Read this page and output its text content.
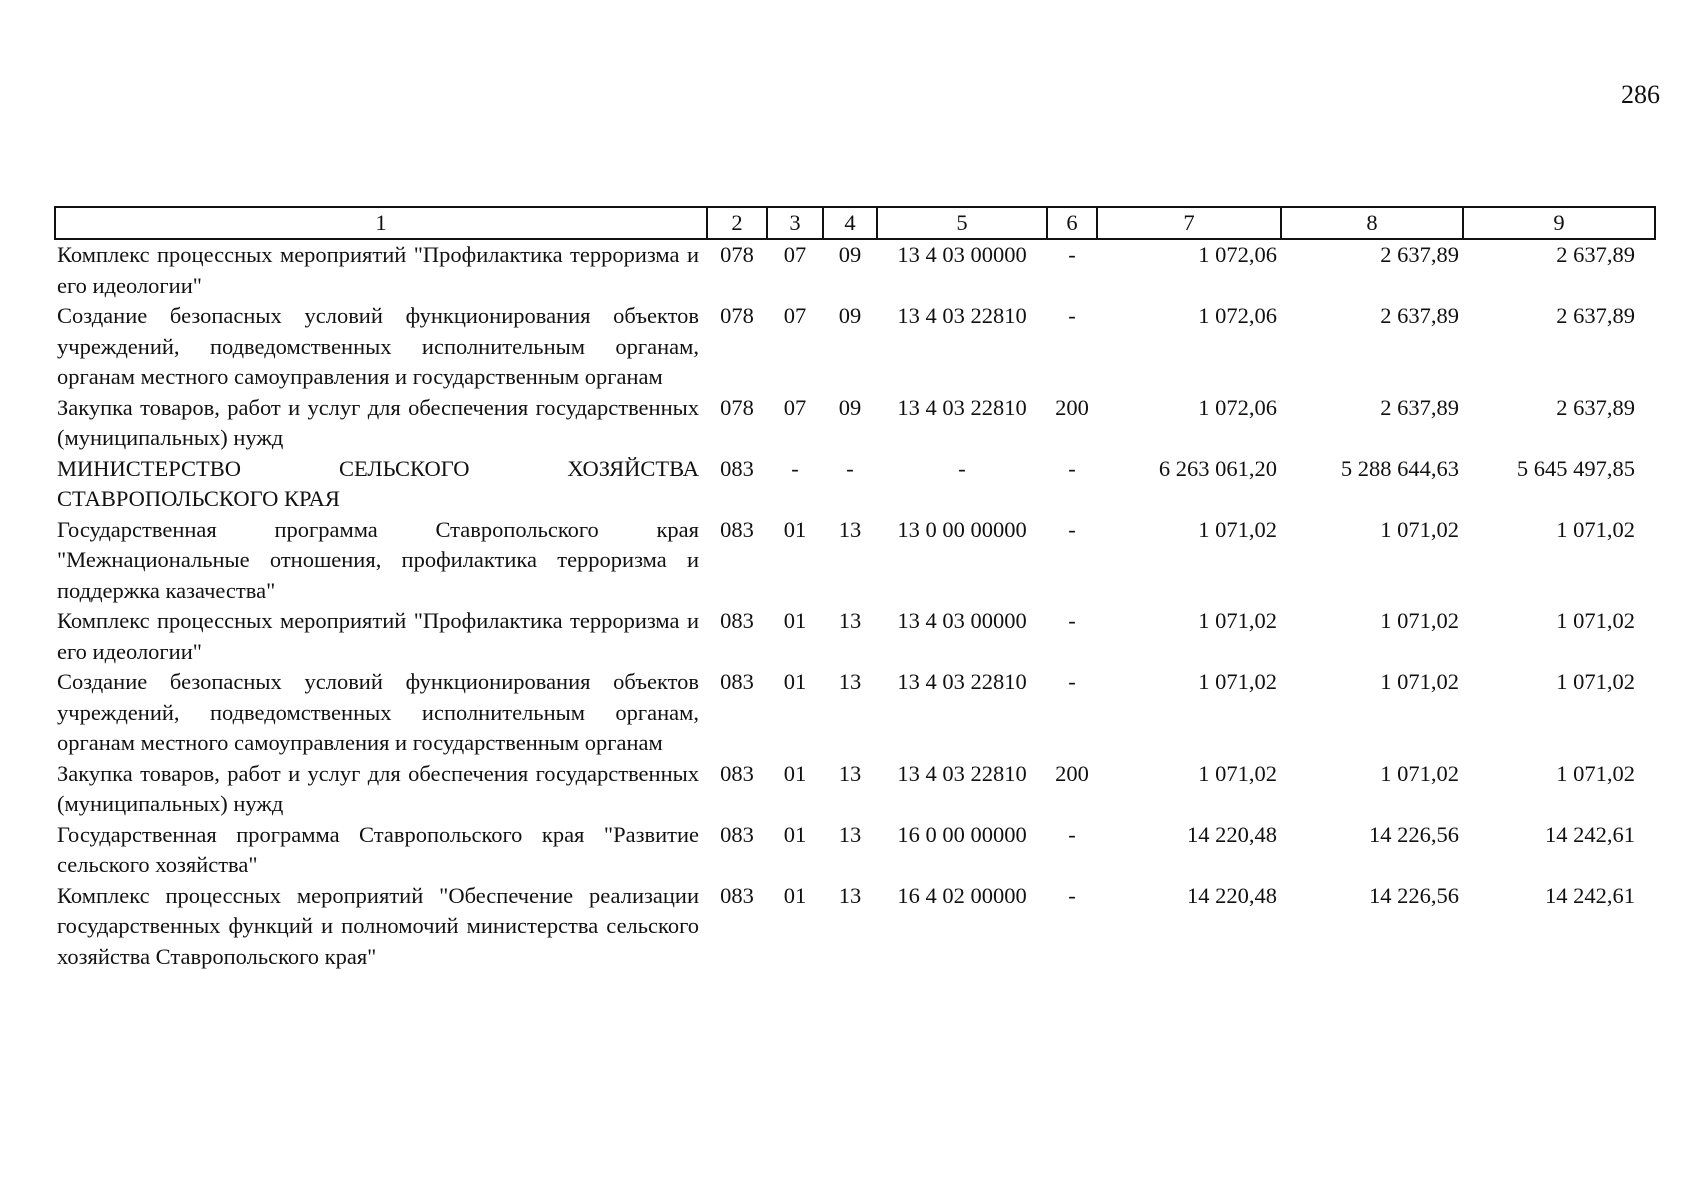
286
1	2	3	4	5	6	7	8	9
Комплекс процессных мероприятий "Профилактика терроризма и его идеологии"	078	07	09	13 4 03 00000	-	1 072,06	2 637,89	2 637,89
Создание безопасных условий функционирования объектов учреждений, подведомственных исполнительным органам, органам местного самоуправления и государственным органам	078	07	09	13 4 03 22810	-	1 072,06	2 637,89	2 637,89
Закупка товаров, работ и услуг для обеспечения государственных (муниципальных) нужд	078	07	09	13 4 03 22810	200	1 072,06	2 637,89	2 637,89
МИНИСТЕРСТВО СЕЛЬСКОГО ХОЗЯЙСТВА СТАВРОПОЛЬСКОГО КРАЯ	083	-	-	-	-	6 263 061,20	5 288 644,63	5 645 497,85
Государственная программа Ставропольского края "Межнациональные отношения, профилактика терроризма и поддержка казачества"	083	01	13	13 0 00 00000	-	1 071,02	1 071,02	1 071,02
Комплекс процессных мероприятий "Профилактика терроризма и его идеологии"	083	01	13	13 4 03 00000	-	1 071,02	1 071,02	1 071,02
Создание безопасных условий функционирования объектов учреждений, подведомственных исполнительным органам, органам местного самоуправления и государственным органам	083	01	13	13 4 03 22810	-	1 071,02	1 071,02	1 071,02
Закупка товаров, работ и услуг для обеспечения государственных (муниципальных) нужд	083	01	13	13 4 03 22810	200	1 071,02	1 071,02	1 071,02
Государственная программа Ставропольского края "Развитие сельского хозяйства"	083	01	13	16 0 00 00000	-	14 220,48	14 226,56	14 242,61
Комплекс процессных мероприятий "Обеспечение реализации государственных функций и полномочий министерства сельского хозяйства Ставропольского края"	083	01	13	16 4 02 00000	-	14 220,48	14 226,56	14 242,61
